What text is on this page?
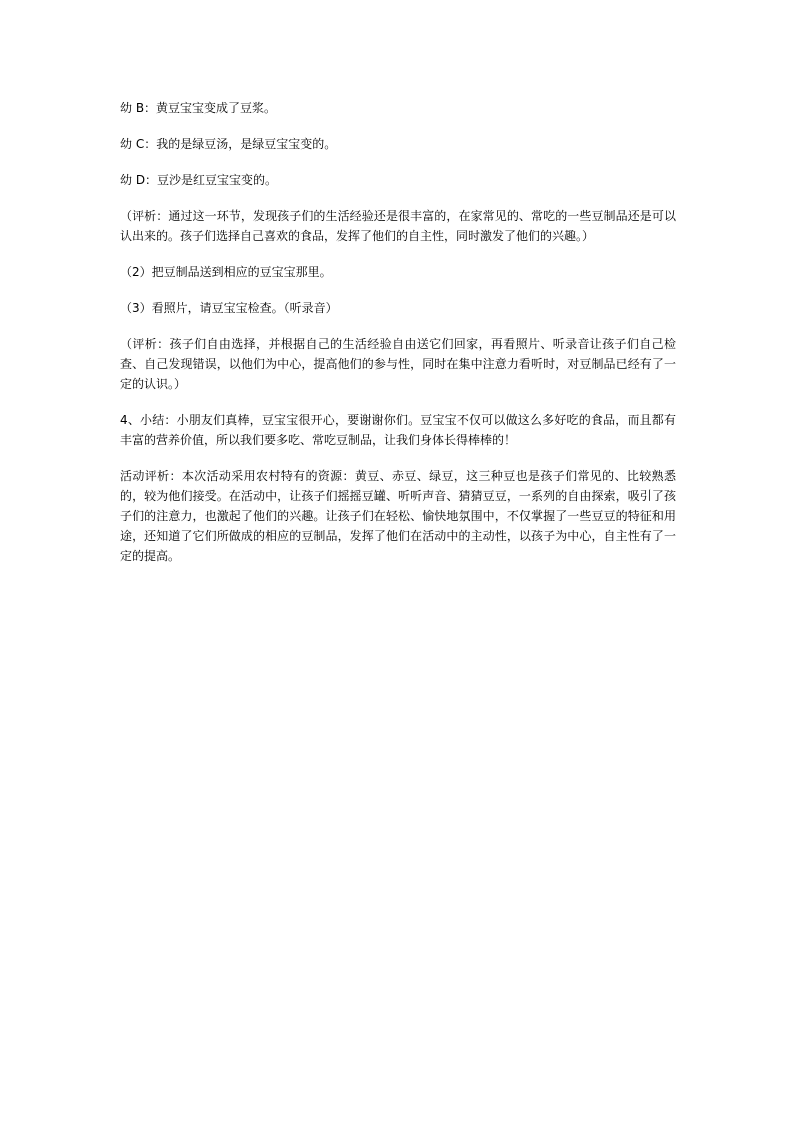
幼 B：黄豆宝宝变成了豆浆。

幼 C：我的是绿豆汤，是绿豆宝宝变的。

幼 D：豆沙是红豆宝宝变的。

（评析：通过这一环节，发现孩子们的生活经验还是很丰富的，在家常见的、常吃的一些豆制品还是可以认出来的。孩子们选择自己喜欢的食品，发挥了他们的自主性，同时激发了他们的兴趣。）

（2）把豆制品送到相应的豆宝宝那里。

（3）看照片，请豆宝宝检查。（听录音）

（评析：孩子们自由选择，并根据自己的生活经验自由送它们回家，再看照片、听录音让孩子们自己检查、自己发现错误，以他们为中心，提高他们的参与性，同时在集中注意力看听时，对豆制品已经有了一定的认识。）

4、小结：小朋友们真棒，豆宝宝很开心，要谢谢你们。豆宝宝不仅可以做这么多好吃的食品，而且都有丰富的营养价值，所以我们要多吃、常吃豆制品，让我们身体长得棒棒的！

活动评析：本次活动采用农村特有的资源：黄豆、赤豆、绿豆，这三种豆也是孩子们常见的、比较熟悉的，较为他们接受。在活动中，让孩子们摇摇豆罐、听听声音、猜猜豆豆，一系列的自由探索，吸引了孩子们的注意力，也激起了他们的兴趣。让孩子们在轻松、愉快地氛围中，不仅掌握了一些豆豆的特征和用途，还知道了它们所做成的相应的豆制品，发挥了他们在活动中的主动性，以孩子为中心，自主性有了一定的提高。
